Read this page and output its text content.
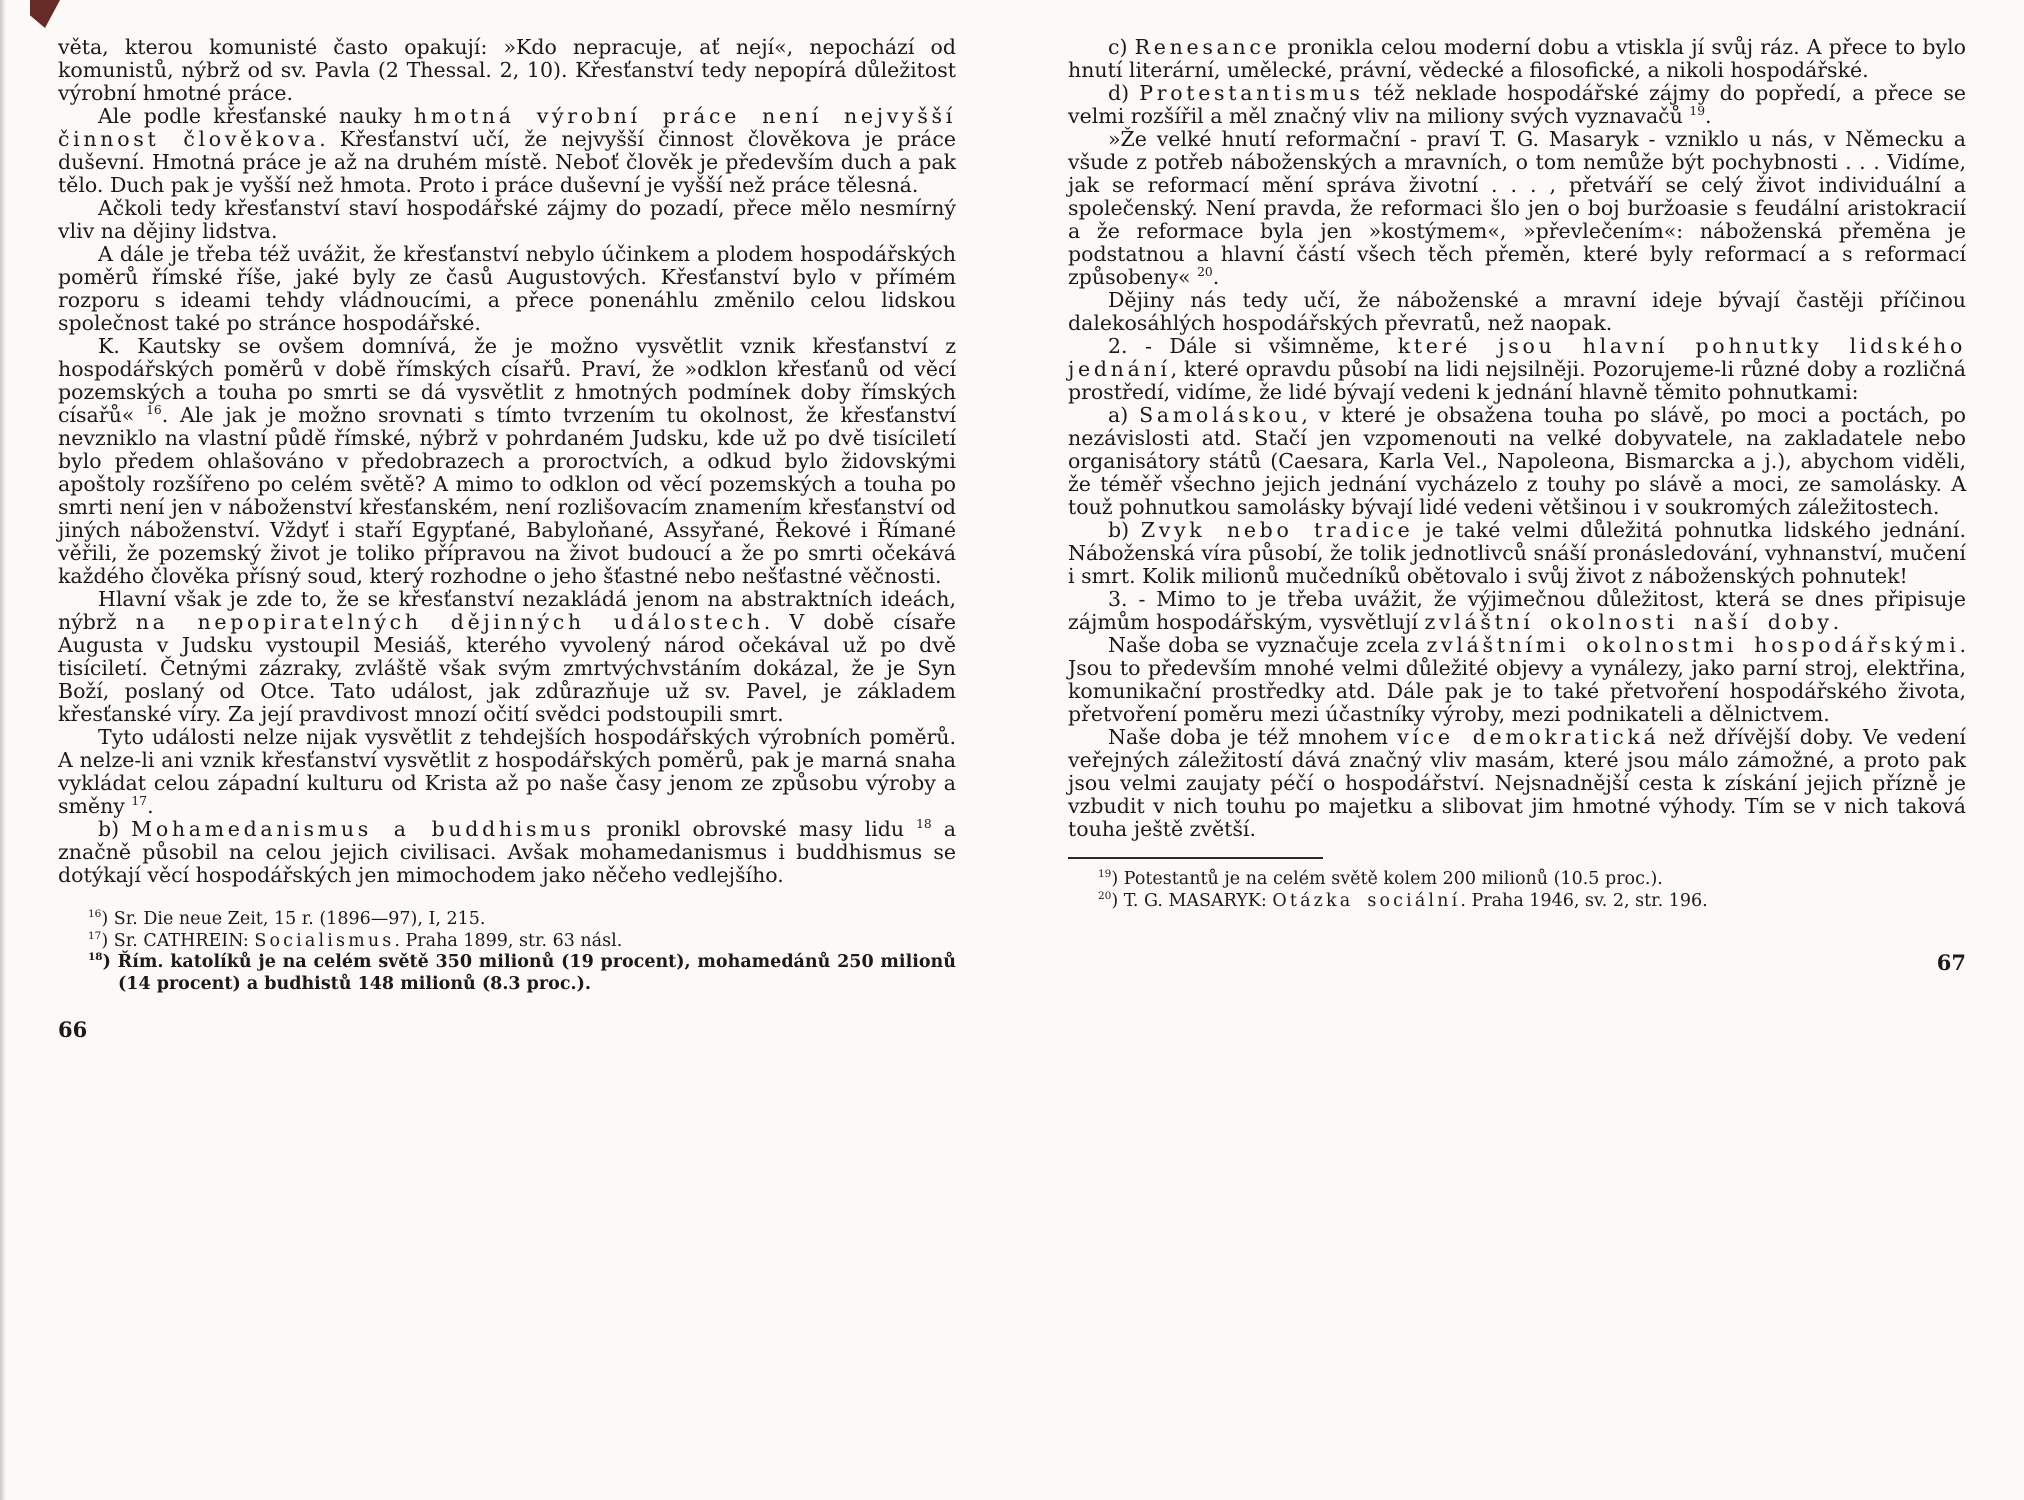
věta, kterou komunisté často opakují: »Kdo nepracuje, ať nejí«, nepochází od komunistů, nýbrž od sv. Pavla (2 Thessal. 2, 10). Křesťanství tedy nepopírá důležitost výrobní hmotné práce.

Ale podle křesťanské nauky hmotná výrobní práce není nejvyšší činnost člověkova. Křesťanství učí, že nejvyšší činnost člověkova je práce duševní. Hmotná práce je až na druhém místě. Neboť člověk je především duch a pak tělo. Duch pak je vyšší než hmota. Proto i práce duševní je vyšší než práce tělesná.

Ačkoli tedy křesťanství staví hospodářské zájmy do pozadí, přece mělo nesmírný vliv na dějiny lidstva.

A dále je třeba též uvážit, že křesťanství nebylo účinkem a plodem hospodářských poměrů římské říše, jaké byly ze časů Augustových. Křesťanství bylo v přímém rozporu s ideami tehdy vládnoucími, a přece ponenáhlu změnilo celou lidskou společnost také po stránce hospodářské.

K. Kautsky se ovšem domnívá, že je možno vysvětlit vznik křesťanství z hospodářských poměrů v době římských císařů. Praví, že »odklon křesťanů od věcí pozemských a touha po smrti se dá vysvětlit z hmotných podmínek doby římských císařů« $^{16}$. Ale jak je možno srovnati s tímto tvrzením tu okolnost, že křesťanství nevzniklo na vlastní půdě římské, nýbrž v pohrdaném Judsku, kde už po dvě tisíciletí bylo předem ohlašováno v předobrazech a proroctvích, a odkud bylo židovskými apoštoly rozšířeno po celém světě? A mimo to odklon od věcí pozemských a touha po smrti není jen v náboženství křesťanském, není rozlišovacím znamením křesťanství od jiných náboženství. Vždyť i staří Egypťané, Babyloňané, Assyřané, Řekové i Římané věřili, že pozemský život je toliko přípravou na život budoucí a že po smrti očekává každého člověka přísný soud, který rozhodne o jeho šťastné nebo nešťastné věčnosti.

Hlavní však je zde to, že se křesťanství nezakládá jenom na abstraktních ideách, nýbrž na nepopiratelných dějinných událostech. V době císaře Augusta v Judsku vystoupil Mesiáš, kterého vyvolený národ očekával už po dvě tisíciletí. Četnými zázraky, zvláště však svým zmrtvýchvstáním dokázal, že je Syn Boží, poslaný od Otce. Tato událost, jak zdůrazňuje už sv. Pavel, je základem křesťanské víry. Za její pravdivost mnozí očití svědci podstoupili smrt.

Tyto události nelze nijak vysvětlit z tehdejších hospodářských výrobních poměrů. A nelze-li ani vznik křesťanství vysvětlit z hospodářských poměrů, pak je marná snaha vykládat celou západní kulturu od Krista až po naše časy jenom ze způsobu výroby a směny $^{17}$.

b) Mohamedanismus a buddhismus pronikl obrovské masy lidu $^{18}$ a značně působil na celou jejich civilisaci. Avšak mohamedanismus i buddhismus se dotýkají věcí hospodářských jen mimochodem jako něčeho vedlejšího.

$^{16}$) Sr. Die neue Zeit, 15 r. (1896—97), I, 215.
$^{17}$) Sr. CATHREIN: Socialismus. Praha 1899, str. 63 násl.
$^{18}$) Řím. katolíků je na celém světě 350 milionů (19 procent), mohamedánů 250 milionů (14 procent) a budhistů 148 milionů (8.3 proc.).
66

c) Renesance pronikla celou moderní dobu a vtiskla jí svůj ráz. A přece to bylo hnutí literární, umělecké, právní, vědecké a filosofické, a nikoli hospodářské.

d) Protestantismus též neklade hospodářské zájmy do popředí, a přece se velmi rozšířil a měl značný vliv na miliony svých vyznavačů $^{19}$.

»Že velké hnutí reformační - praví T. G. Masaryk - vzniklo u nás, v Německu a všude z potřeb náboženských a mravních, o tom nemůže být pochybnosti . . . Vidíme, jak se reformací mění správa životní . . . , přetváří se celý život individuální a společenský. Není pravda, že reformaci šlo jen o boj buržoasie s feudální aristokracií a že reformace byla jen »kostýmem«, »převlečením«: náboženská přeměna je podstatnou a hlavní částí všech těch přeměn, které byly reformací a s reformací způsobeny« $^{20}$.

Dějiny nás tedy učí, že náboženské a mravní ideje bývají častěji příčinou dalekosáhlých hospodářských převratů, než naopak.

2. - Dále si všimněme, které jsou hlavní pohnutky lidského jednání, které opravdu působí na lidi nejsilněji. Pozorujeme-li různé doby a rozličná prostředí, vidíme, že lidé bývají vedeni k jednání hlavně těmito pohnutkami:

a) Samoláskou, v které je obsažena touha po slávě, po moci a poctách, po nezávislosti atd. Stačí jen vzpomenouti na velké dobyvatele, na zakladatele nebo organisátory států (Caesara, Karla Vel., Napoleona, Bismarcka a j.), abychom viděli, že téměř všechno jejich jednání vycházelo z touhy po slávě a moci, ze samolásky. A touž pohnutkou samolásky bývají lidé vedeni většinou i v soukromých záležitostech.

b) Zvyk nebo tradice je také velmi důležitá pohnutka lidského jednání. Náboženská víra působí, že tolik jednotlivců snáší pronásledování, vyhnanství, mučení i smrt. Kolik milionů mučedníků obětovalo i svůj život z náboženských pohnutek!

3. - Mimo to je třeba uvážit, že výjimečnou důležitost, která se dnes připisuje zájmům hospodářským, vysvětlují zvláštní okolnosti naší doby.

Naše doba se vyznačuje zcela zvláštními okolnostmi hospodářskými. Jsou to především mnohé velmi důležité objevy a vynálezy, jako parní stroj, elektřina, komunikační prostředky atd. Dále pak je to také přetvoření hospodářského života, přetvoření poměru mezi účastníky výroby, mezi podnikateli a dělnictvem.

Naše doba je též mnohem více demokratická než dřívější doby. Ve vedení veřejných záležitostí dává značný vliv masám, které jsou málo zámožné, a proto pak jsou velmi zaujaty péčí o hospodářství. Nejsnadnější cesta k získání jejich přízně je vzbudit v nich touhu po majetku a slibovat jim hmotné výhody. Tím se v nich taková touha ještě zvětší.

$^{19}$) Potestantů je na celém světě kolem 200 milionů (10.5 proc.).
$^{20}$) T. G. MASARYK: Otázka sociální. Praha 1946, sv. 2, str. 196.
67
